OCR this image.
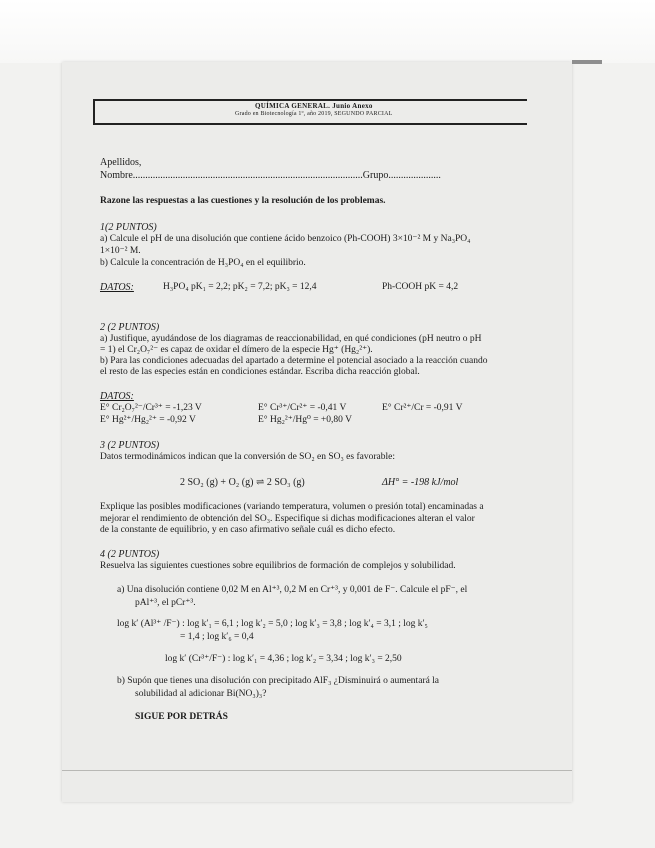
QUÍMICA GENERAL. Junio Anexo
Grado en Biotecnología 1º, año 2019, SEGUNDO PARCIAL
Apellidos,
Nombre............................................................................................Grupo.....................
Razone las respuestas a las cuestiones y la resolución de los problemas.
1(2 PUNTOS)
a) Calcule el pH de una disolución que contiene ácido benzoico (Ph-COOH) 3×10⁻² M y Na₃PO₄
1×10⁻² M.
b) Calcule la concentración de H₃PO₄ en el equilibrio.
DATOS:	H₃PO₄ pK₁ = 2,2; pK₂ = 7,2; pK₃ = 12,4	Ph-COOH pK = 4,2
2 (2 PUNTOS)
a) Justifique, ayudándose de los diagramas de reaccionabilidad, en qué condiciones (pH neutro o pH
= 1) el Cr₂O₇²⁻ es capaz de oxidar el dímero de la especie Hg⁺ (Hg₂²⁺).
b) Para las condiciones adecuadas del apartado a determine el potencial asociado a la reacción cuando
el resto de las especies están en condiciones estándar. Escriba dicha reacción global.
DATOS:
E° Cr₂O₇²⁻/Cr³⁺ = -1,23 V	E° Cr³⁺/Cr²⁺ = -0,41 V	E° Cr²⁺/Cr = -0,91 V
E° Hg²⁺/Hg₂²⁺ = -0,92 V	E° Hg₂²⁺/Hg⁰ = +0,80 V
3 (2 PUNTOS)
Datos termodinámicos indican que la conversión de SO₂ en SO₃ es favorable:
2 SO₂ (g) + O₂ (g) ⇌ 2 SO₃ (g)	ΔH° = -198 kJ/mol
Explique las posibles modificaciones (variando temperatura, volumen o presión total) encaminadas a
mejorar el rendimiento de obtención del SO₃. Especifique si dichas modificaciones alteran el valor
de la constante de equilibrio, y en caso afirmativo señale cuál es dicho efecto.
4 (2 PUNTOS)
Resuelva las siguientes cuestiones sobre equilibrios de formación de complejos y solubilidad.
a) Una disolución contiene 0,02 M en Al⁺³, 0,2 M en Cr⁺³, y 0,001 de F⁻. Calcule el pF⁻, el
pAl⁺³, el pCr⁺³.
log k′ (Al³⁺ /F⁻) : log k′₁ = 6,1 ; log k′₂ = 5,0 ; log k′₃ = 3,8 ; log k′₄ = 3,1 ; log k′₅
= 1,4 ; log k′₆ = 0,4
log k′ (Cr³⁺/F⁻) : log k′₁ = 4,36 ; log k′₂ = 3,34 ; log k′₃ = 2,50
b) Supón que tienes una disolución con precipitado AlF₃ ¿Disminuirá o aumentará la
solubilidad al adicionar Bi(NO₃)₃?
SIGUE POR DETRÁS
